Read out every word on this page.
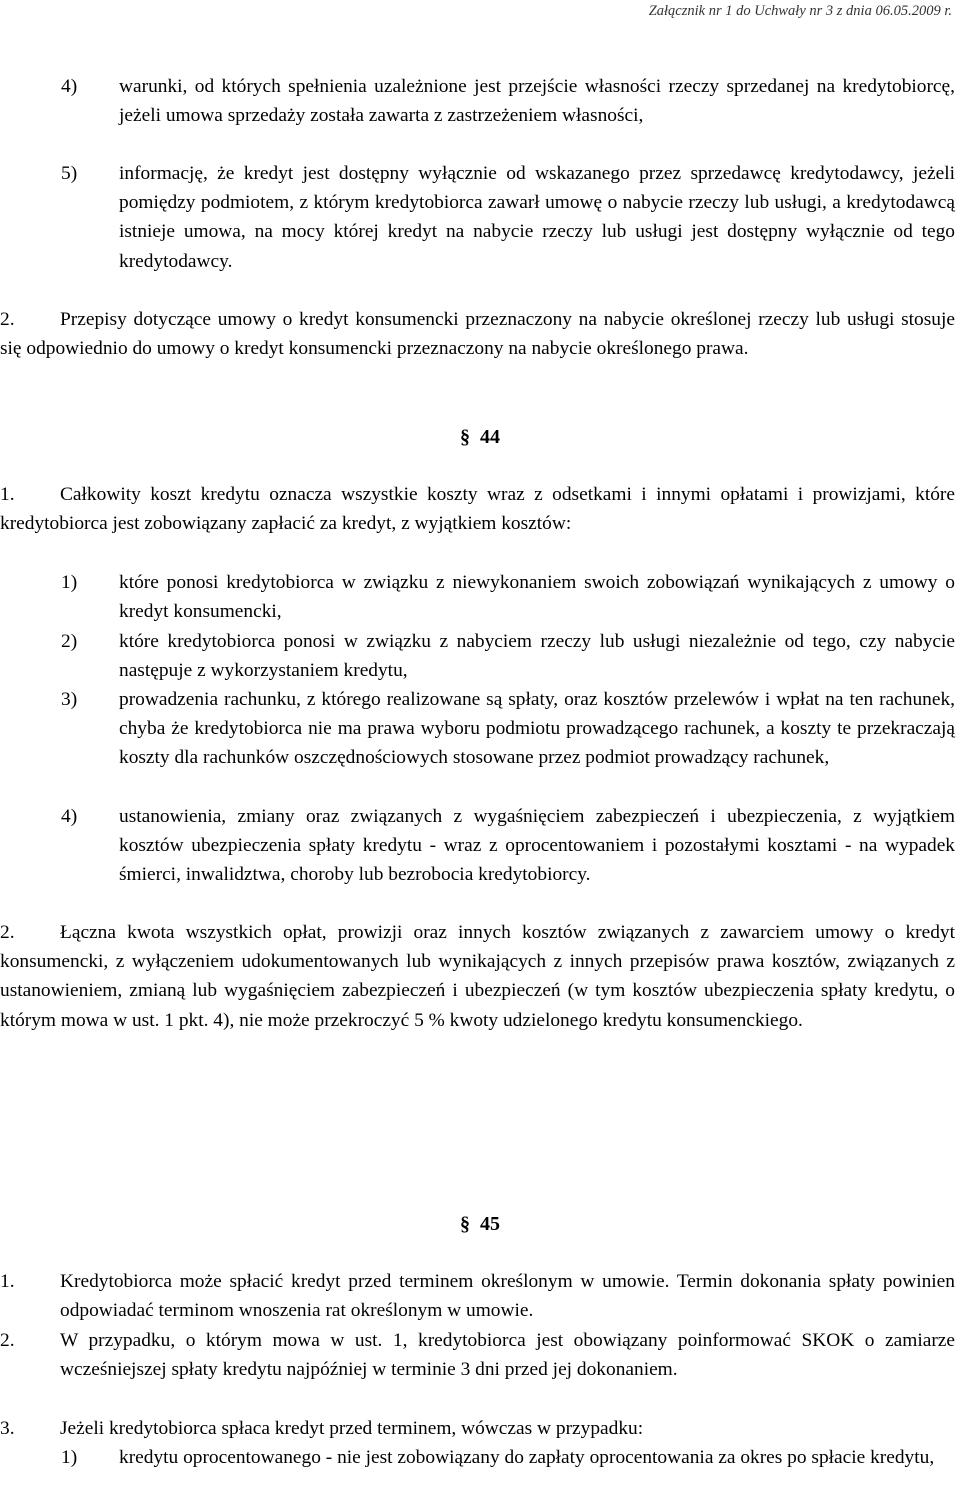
Załącznik nr 1 do Uchwały nr 3 z dnia 06.05.2009 r.
4) warunki, od których spełnienia uzależnione jest przejście własności rzeczy sprzedanej na kredytobiorcę, jeżeli umowa sprzedaży została zawarta z zastrzeżeniem własności,
5) informację, że kredyt jest dostępny wyłącznie od wskazanego przez sprzedawcę kredytodawcy, jeżeli pomiędzy podmiotem, z którym kredytobiorca zawarł umowę o nabycie rzeczy lub usługi, a kredytodawcą istnieje umowa, na mocy której kredyt na nabycie rzeczy lub usługi jest dostępny wyłącznie od tego kredytodawcy.
2.	Przepisy dotyczące umowy o kredyt konsumencki przeznaczony na nabycie określonej rzeczy lub usługi stosuje się odpowiednio do umowy o kredyt konsumencki przeznaczony na nabycie określonego prawa.
§ 44
1.	Całkowity koszt kredytu oznacza wszystkie koszty wraz z odsetkami i innymi opłatami i prowizjami, które kredytobiorca jest zobowiązany zapłacić za kredyt, z wyjątkiem kosztów:
1) które ponosi kredytobiorca w związku z niewykonaniem swoich zobowiązań wynikających z umowy o kredyt konsumencki,
2) które kredytobiorca ponosi w związku z nabyciem rzeczy lub usługi niezależnie od tego, czy nabycie następuje z wykorzystaniem kredytu,
3) prowadzenia rachunku, z którego realizowane są spłaty, oraz kosztów przelewów i wpłat na ten rachunek, chyba że kredytobiorca nie ma prawa wyboru podmiotu prowadzącego rachunek, a koszty te przekraczają koszty dla rachunków oszczędnościowych stosowane przez podmiot prowadzący rachunek,
4) ustanowienia, zmiany oraz związanych z wygaśnięciem zabezpieczeń i ubezpieczenia, z wyjątkiem kosztów ubezpieczenia spłaty kredytu - wraz z oprocentowaniem i pozostałymi kosztami - na wypadek śmierci, inwalidztwa, choroby lub bezrobocia kredytobiorcy.
2.	Łączna kwota wszystkich opłat, prowizji oraz innych kosztów związanych z zawarciem umowy o kredyt konsumencki, z wyłączeniem udokumentowanych lub wynikających z innych przepisów prawa kosztów, związanych z ustanowieniem, zmianą lub wygaśnięciem zabezpieczeń i ubezpieczeń (w tym kosztów ubezpieczenia spłaty kredytu, o którym mowa w ust. 1 pkt. 4), nie może przekroczyć 5 % kwoty udzielonego kredytu konsumenckiego.
§ 45
1. Kredytobiorca może spłacić kredyt przed terminem określonym w umowie. Termin dokonania spłaty powinien odpowiadać terminom wnoszenia rat określonym w umowie.
2. W przypadku, o którym mowa w ust. 1, kredytobiorca jest obowiązany poinformować SKOK o zamiarze wcześniejszej spłaty kredytu najpóźniej w terminie 3 dni przed jej dokonaniem.
3. Jeżeli kredytobiorca spłaca kredyt przed terminem, wówczas w przypadku:
1) kredytu oprocentowanego - nie jest zobowiązany do zapłaty oprocentowania za okres po spłacie kredytu,
